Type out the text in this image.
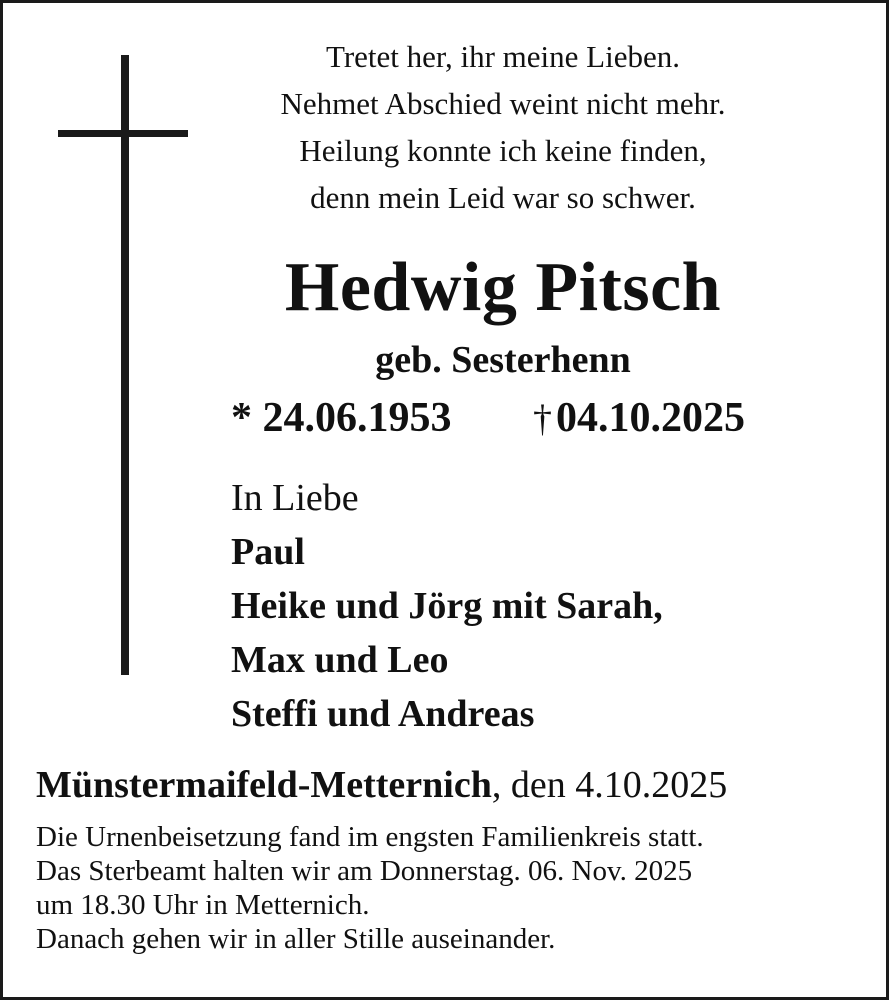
Tretet her, ihr meine Lieben.
Nehmet Abschied weint nicht mehr.
Heilung konnte ich keine finden,
denn mein Leid war so schwer.
Hedwig Pitsch
geb. Sesterhenn
* 24.06.1953 †04.10.2025
In Liebe
Paul
Heike und Jörg mit Sarah,
Max und Leo
Steffi und Andreas
Münstermaifeld-Metternich, den 4.10.2025
Die Urnenbeisetzung fand im engsten Familienkreis statt.
Das Sterbeamt halten wir am Donnerstag. 06. Nov. 2025
um 18.30 Uhr in Metternich.
Danach gehen wir in aller Stille auseinander.
